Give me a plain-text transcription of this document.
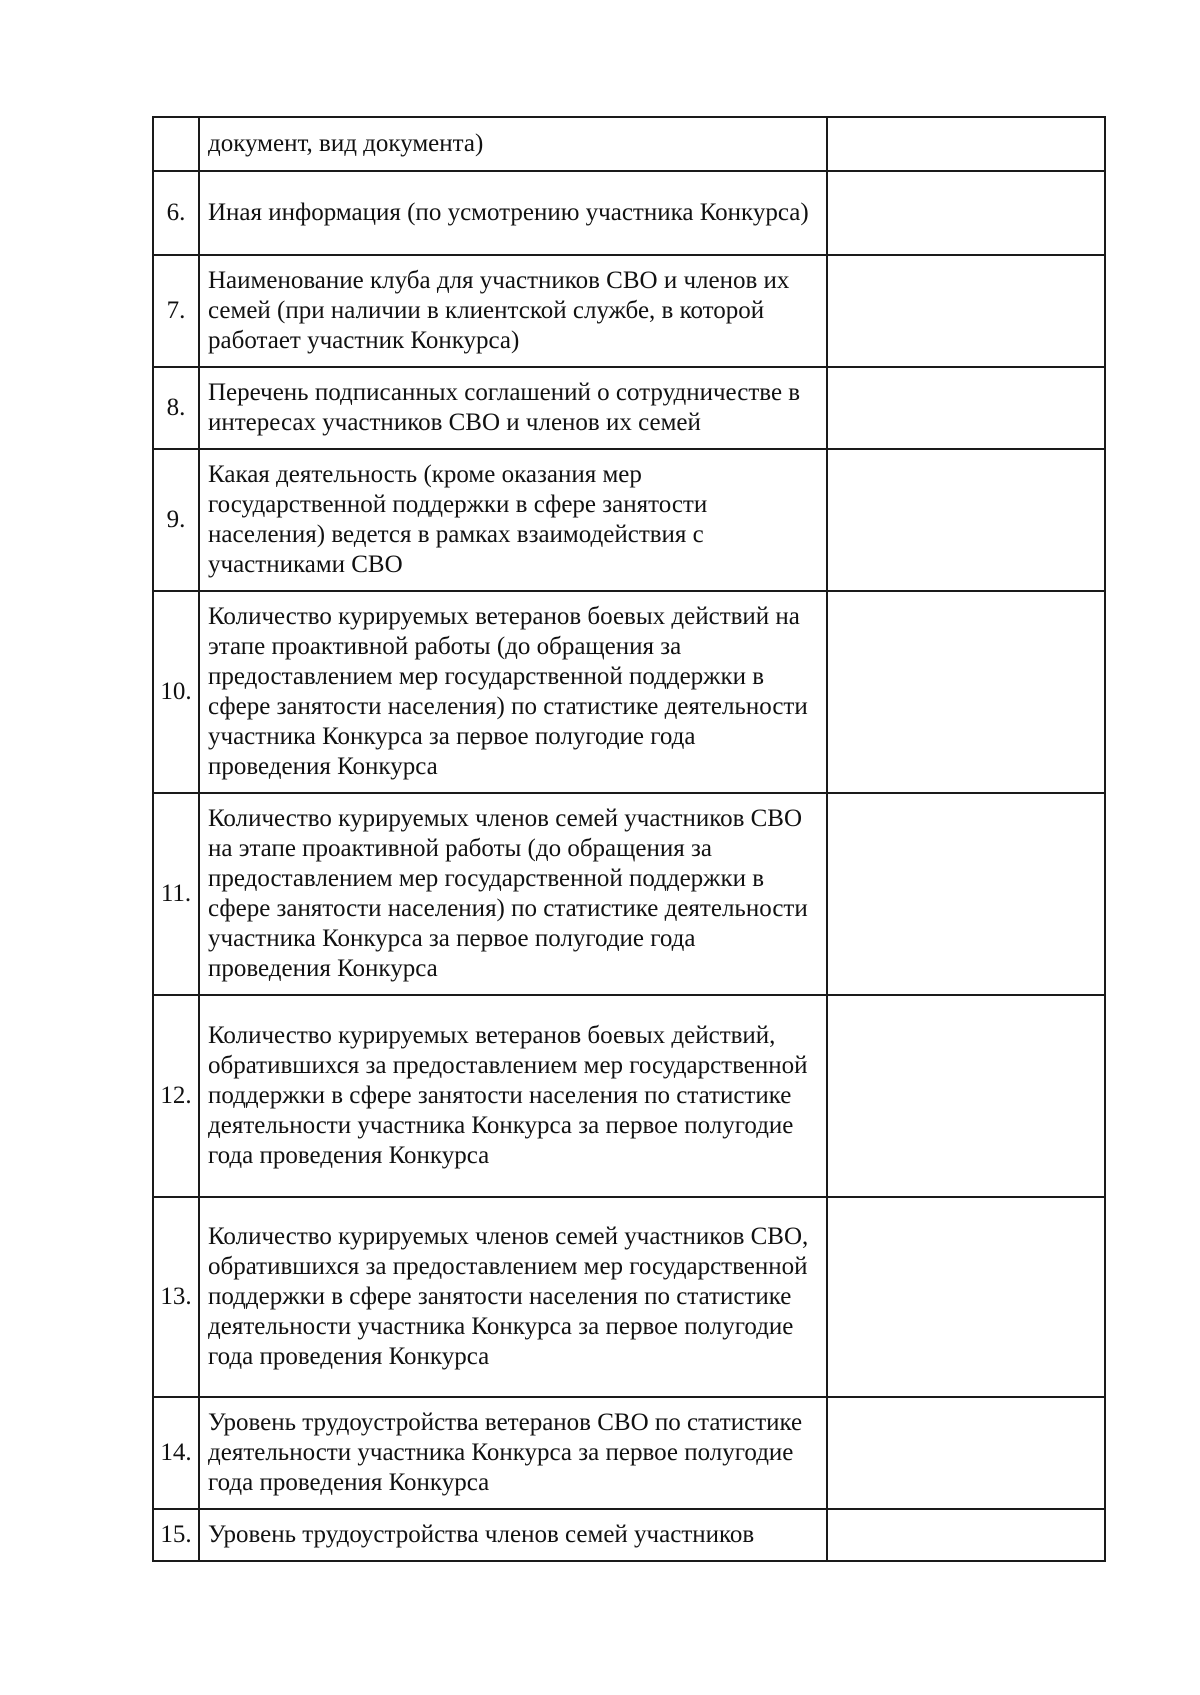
	документ, вид документа)	
6.	Иная информация (по усмотрению участника Конкурса)	
7.	Наименование клуба для участников СВО и членов их семей (при наличии в клиентской службе, в которой работает участник Конкурса)	
8.	Перечень подписанных соглашений о сотрудничестве в интересах участников СВО и членов их семей	
9.	Какая деятельность (кроме оказания мер государственной поддержки в сфере занятости населения) ведется в рамках взаимодействия с участниками СВО	
10.	Количество курируемых ветеранов боевых действий на этапе проактивной работы (до обращения за предоставлением мер государственной поддержки в сфере занятости населения) по статистике деятельности участника Конкурса за первое полугодие года проведения Конкурса	
11.	Количество курируемых членов семей участников СВО на этапе проактивной работы (до обращения за предоставлением мер государственной поддержки в сфере занятости населения) по статистике деятельности участника Конкурса за первое полугодие года проведения Конкурса	
12.	Количество курируемых ветеранов боевых действий, обратившихся за предоставлением мер государственной поддержки в сфере занятости населения по статистике деятельности участника Конкурса за первое полугодие года проведения Конкурса	
13.	Количество курируемых членов семей участников СВО, обратившихся за предоставлением мер государственной поддержки в сфере занятости населения по статистике деятельности участника Конкурса за первое полугодие года проведения Конкурса	
14.	Уровень трудоустройства ветеранов СВО по статистике деятельности участника Конкурса за первое полугодие года проведения Конкурса	
15.	Уровень трудоустройства членов семей участников	
